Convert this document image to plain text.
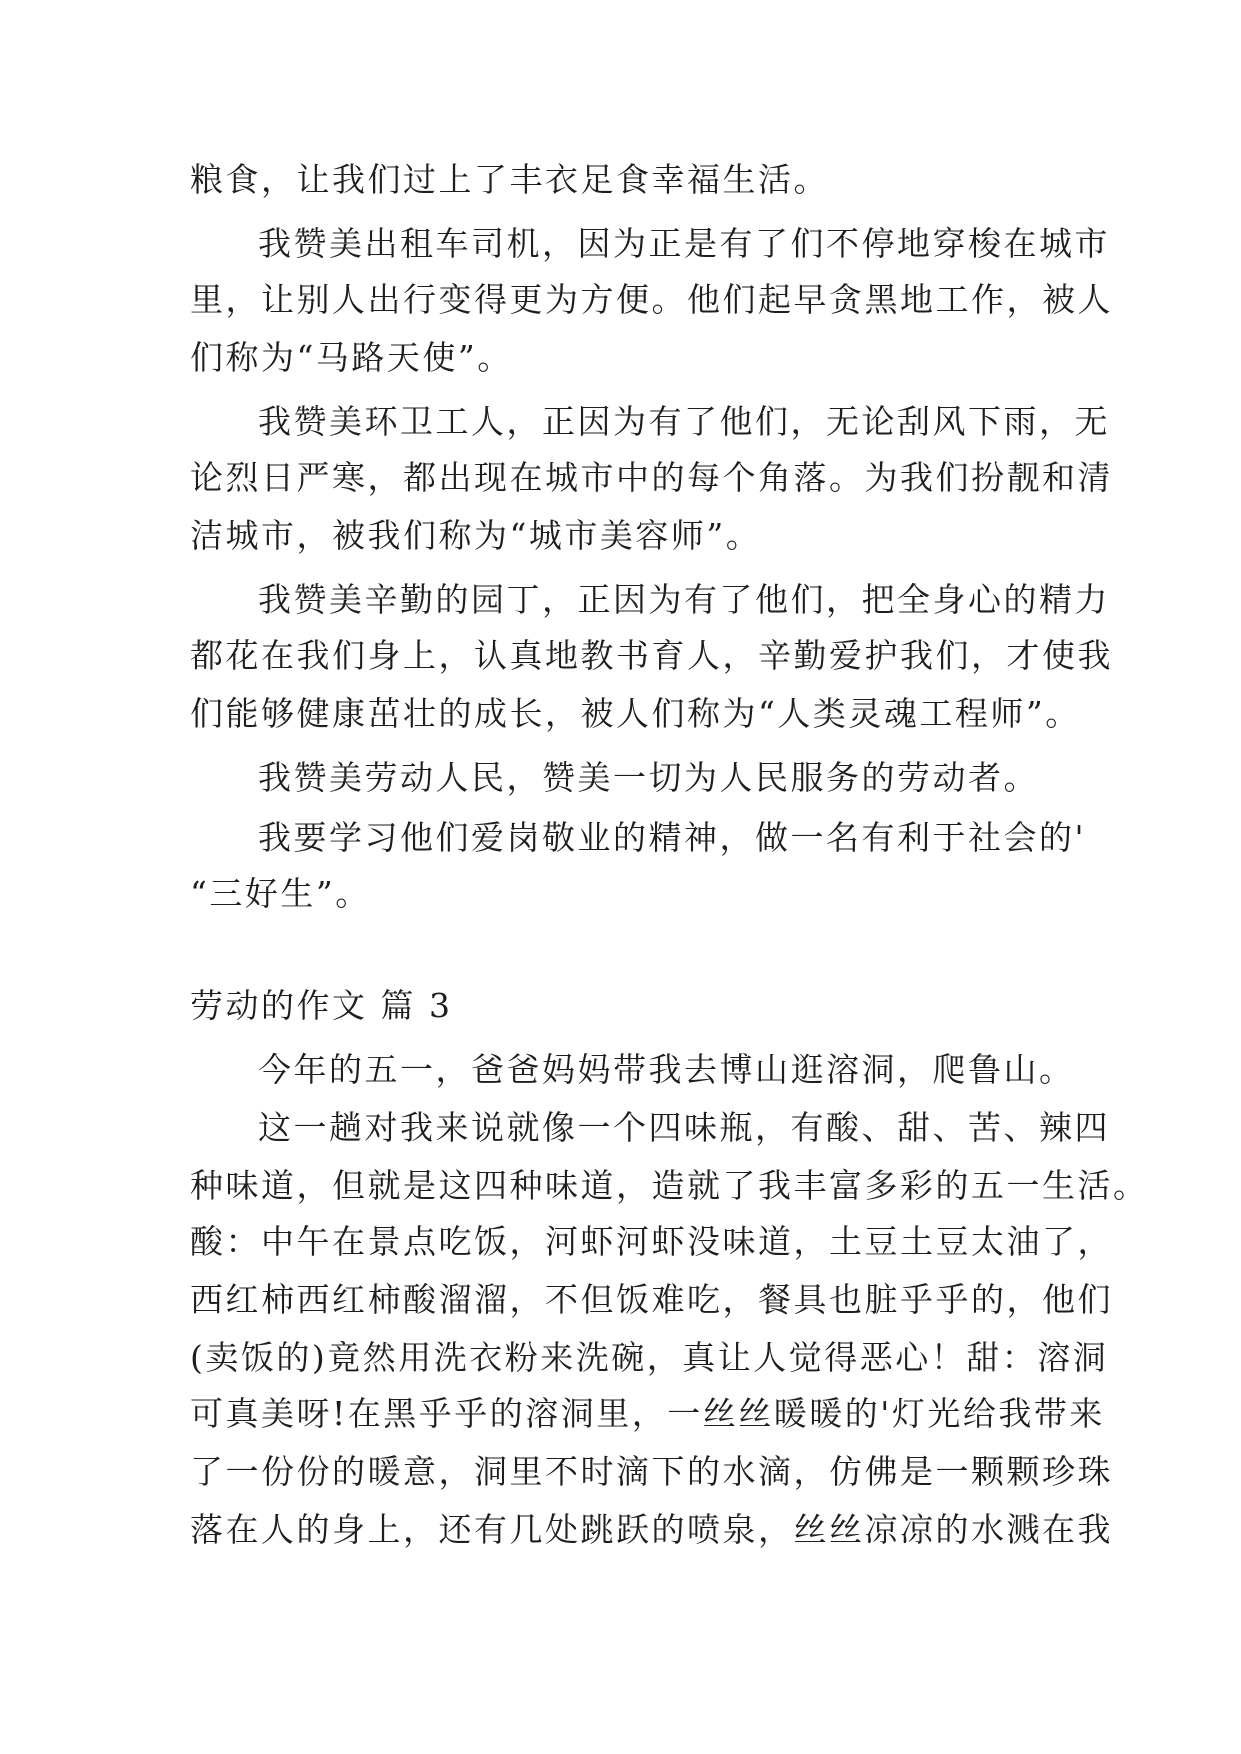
粮食，让我们过上了丰衣足食幸福生活。
我赞美出租车司机，因为正是有了们不停地穿梭在城市
里，让别人出行变得更为方便。他们起早贪黑地工作，被人
们称为“马路天使”。
我赞美环卫工人，正因为有了他们，无论刮风下雨，无
论烈日严寒，都出现在城市中的每个角落。为我们扮靓和清
洁城市，被我们称为“城市美容师”。
我赞美辛勤的园丁，正因为有了他们，把全身心的精力
都花在我们身上，认真地教书育人，辛勤爱护我们，才使我
们能够健康茁壮的成长，被人们称为“人类灵魂工程师”。
我赞美劳动人民，赞美一切为人民服务的劳动者。
我要学习他们爱岗敬业的精神，做一名有利于社会的'
“三好生”。
劳动的作文 篇 3
今年的五一，爸爸妈妈带我去博山逛溶洞，爬鲁山。
这一趟对我来说就像一个四味瓶，有酸、甜、苦、辣四
种味道，但就是这四种味道，造就了我丰富多彩的五一生活。
酸：中午在景点吃饭，河虾河虾没味道，土豆土豆太油了，
西红柿西红柿酸溜溜，不但饭难吃，餐具也脏乎乎的，他们
(卖饭的)竟然用洗衣粉来洗碗，真让人觉得恶心！甜：溶洞
可真美呀!在黑乎乎的溶洞里，一丝丝暖暖的'灯光给我带来
了一份份的暖意，洞里不时滴下的水滴，仿佛是一颗颗珍珠
落在人的身上，还有几处跳跃的喷泉，丝丝凉凉的水溅在我
